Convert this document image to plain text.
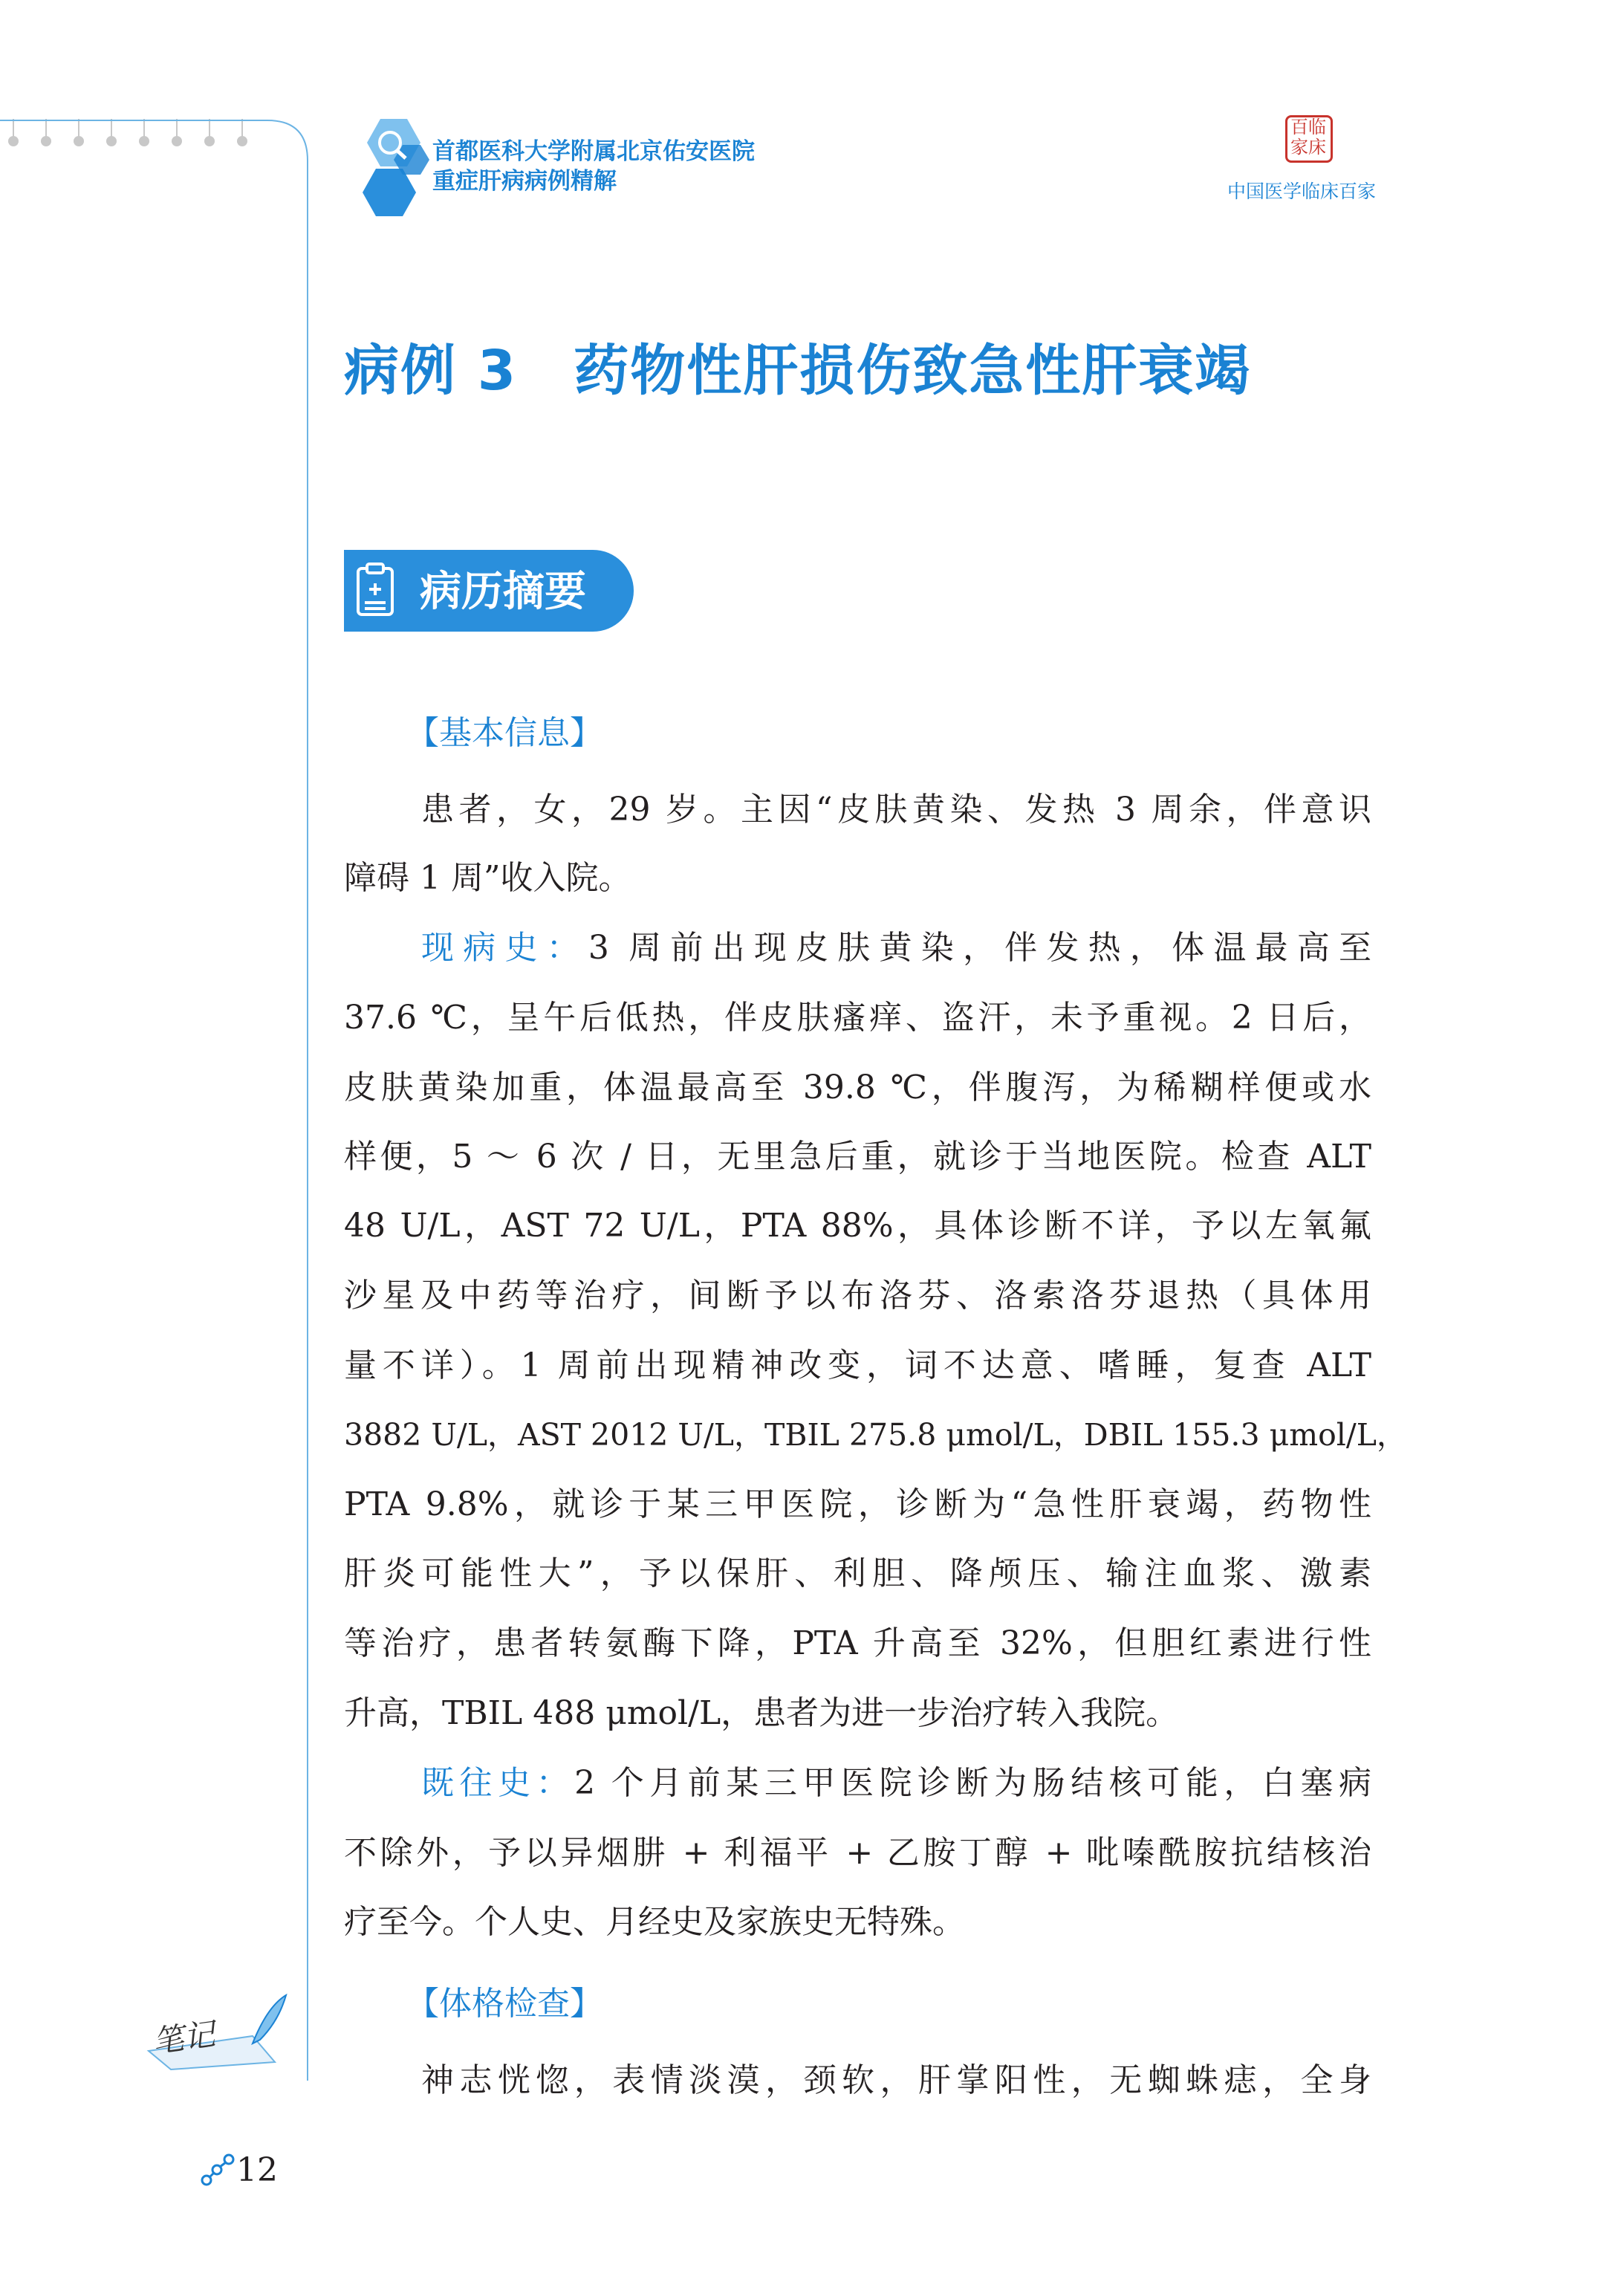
首都医科大学附属北京佑安医院
重症肝病病例精解
百临家床
中国医学临床百家
病例 3　药物性肝损伤致急性肝衰竭
病历摘要
【基本信息】
患者，女，29 岁。主因“皮肤黄染、发热 3 周余，伴意识
障碍 1 周”收入院。
现病史：3 周前出现皮肤黄染，伴发热，体温最高至
37.6 ℃，呈午后低热，伴皮肤瘙痒、盗汗，未予重视。2 日后，
皮肤黄染加重，体温最高至 39.8 ℃，伴腹泻，为稀糊样便或水
样便，5 ～ 6 次 / 日，无里急后重，就诊于当地医院。检查 ALT
48 U/L，AST 72 U/L，PTA 88%，具体诊断不详，予以左氧氟
沙星及中药等治疗，间断予以布洛芬、洛索洛芬退热（具体用
量不详）。1 周前出现精神改变，词不达意、嗜睡，复查 ALT
3882 U/L，AST 2012 U/L，TBIL 275.8 μmol/L，DBIL 155.3 μmol/L，
PTA 9.8%，就诊于某三甲医院，诊断为“急性肝衰竭，药物性
肝炎可能性大”，予以保肝、利胆、降颅压、输注血浆、激素
等治疗，患者转氨酶下降，PTA 升高至 32%，但胆红素进行性
升高，TBIL 488 μmol/L，患者为进一步治疗转入我院。
既往史：2 个月前某三甲医院诊断为肠结核可能，白塞病
不除外，予以异烟肼 + 利福平 + 乙胺丁醇 + 吡嗪酰胺抗结核治
疗至今。个人史、月经史及家族史无特殊。
【体格检查】
神志恍惚，表情淡漠，颈软，肝掌阳性，无蜘蛛痣，全身
笔记
12
